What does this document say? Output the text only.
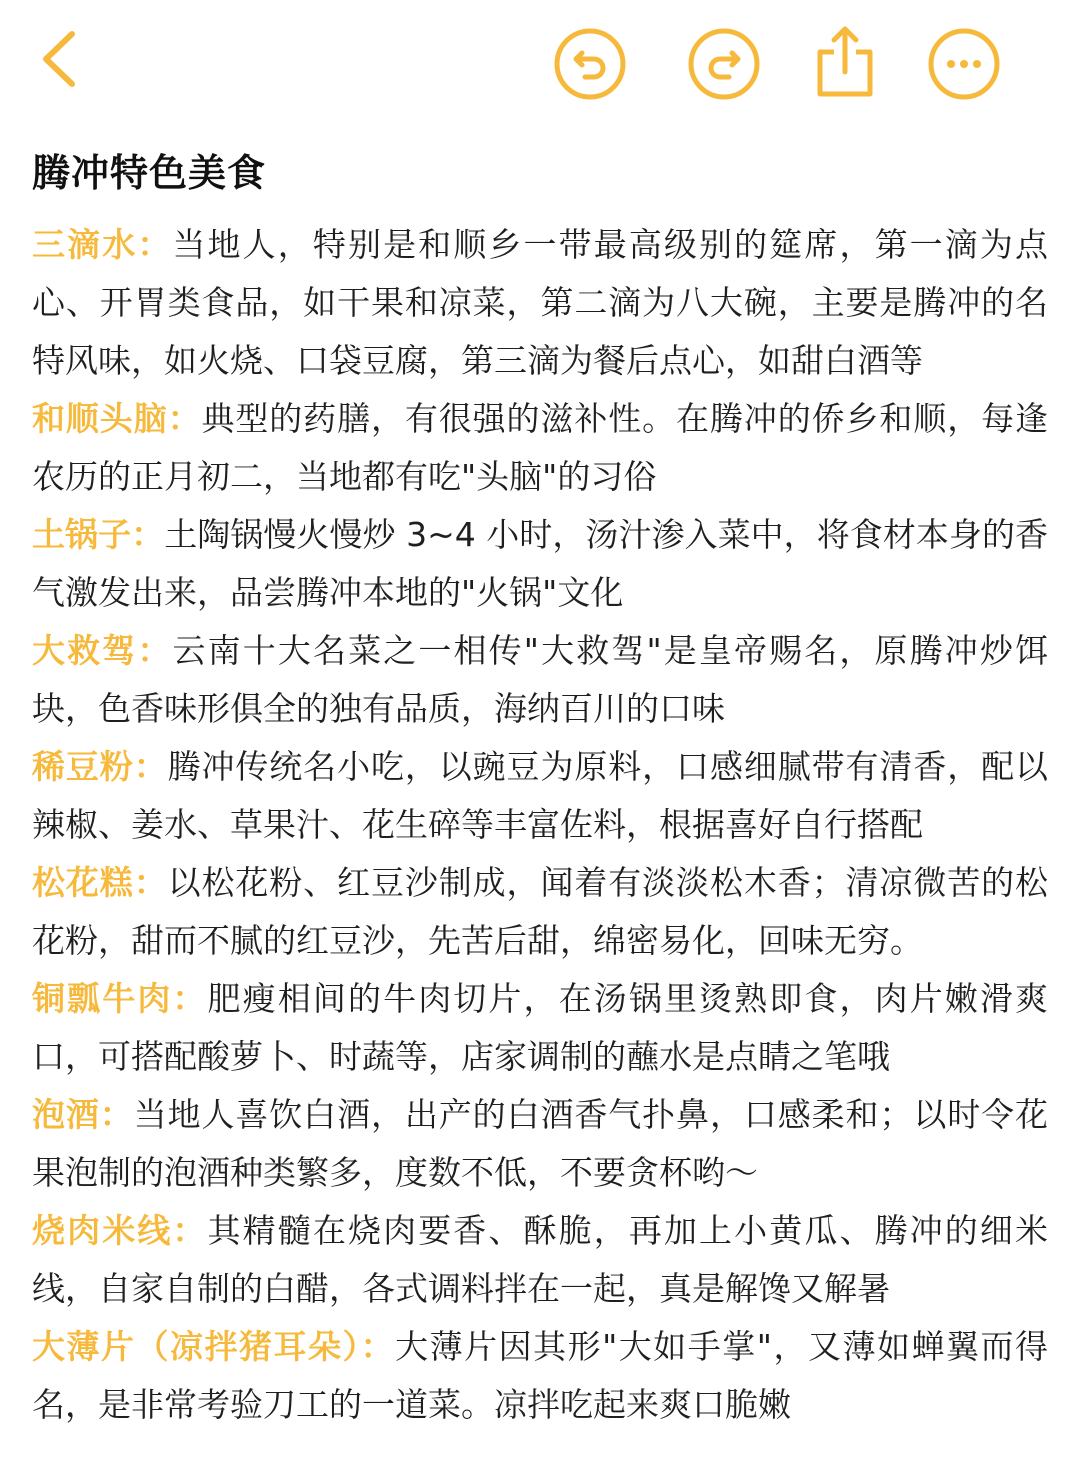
腾冲特色美食

三滴水：当地人，特别是和顺乡一带最高级别的筵席，第一滴为点心、开胃类食品，如干果和凉菜，第二滴为八大碗，主要是腾冲的名特风味，如火烧、口袋豆腐，第三滴为餐后点心，如甜白酒等

和顺头脑：典型的药膳，有很强的滋补性。在腾冲的侨乡和顺，每逢农历的正月初二，当地都有吃"头脑"的习俗

土锅子：土陶锅慢火慢炒 3~4 小时，汤汁渗入菜中，将食材本身的香气激发出来，品尝腾冲本地的"火锅"文化

大救驾：云南十大名菜之一相传"大救驾"是皇帝赐名，原腾冲炒饵块，色香味形俱全的独有品质，海纳百川的口味

稀豆粉：腾冲传统名小吃，以豌豆为原料，口感细腻带有清香，配以辣椒、姜水、草果汁、花生碎等丰富佐料，根据喜好自行搭配

松花糕：以松花粉、红豆沙制成，闻着有淡淡松木香；清凉微苦的松花粉，甜而不腻的红豆沙，先苦后甜，绵密易化，回味无穷。

铜瓢牛肉：肥瘦相间的牛肉切片，在汤锅里烫熟即食，肉片嫩滑爽口，可搭配酸萝卜、时蔬等，店家调制的蘸水是点睛之笔哦

泡酒：当地人喜饮白酒，出产的白酒香气扑鼻，口感柔和；以时令花果泡制的泡酒种类繁多，度数不低，不要贪杯哟～

烧肉米线：其精髓在烧肉要香、酥脆，再加上小黄瓜、腾冲的细米线，自家自制的白醋，各式调料拌在一起，真是解馋又解暑

大薄片（凉拌猪耳朵）：大薄片因其形"大如手掌"，又薄如蝉翼而得名，是非常考验刀工的一道菜。凉拌吃起来爽口脆嫩
